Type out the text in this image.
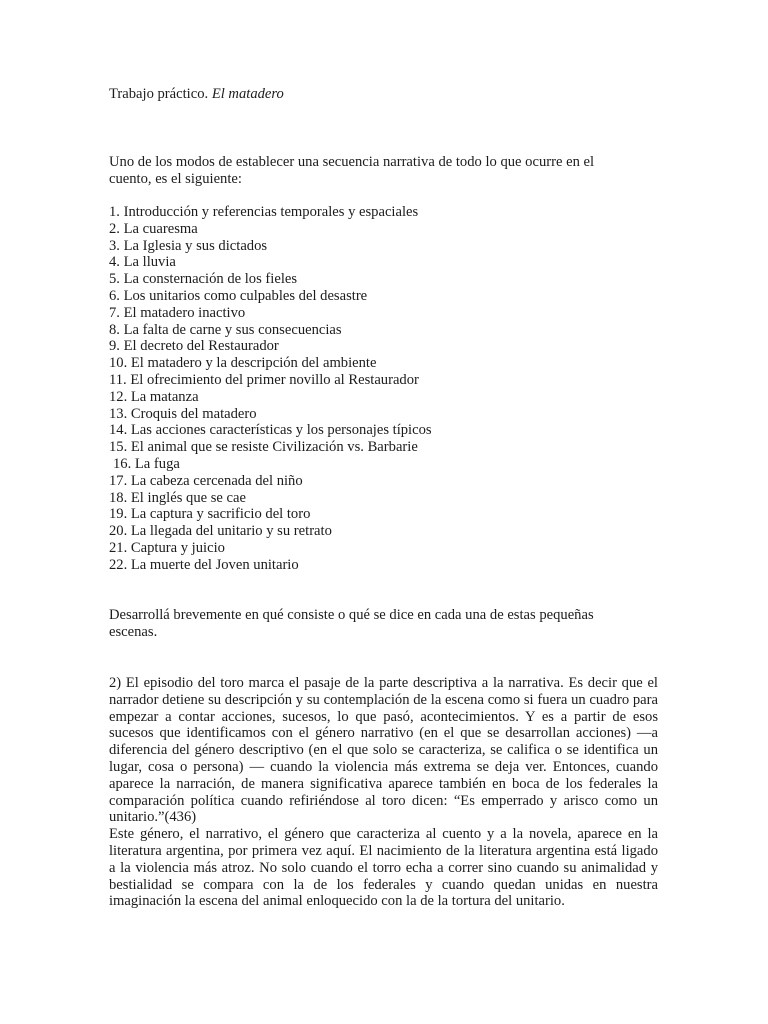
Trabajo práctico. El matadero
Uno de los modos de establecer una secuencia narrativa de todo lo que ocurre en el cuento, es el siguiente:
1. Introducción y referencias temporales y espaciales
2. La cuaresma
3. La Iglesia y sus dictados
4. La lluvia
5. La consternación de los fieles
6. Los unitarios como culpables del desastre
7. El matadero inactivo
8. La falta de carne y sus consecuencias
9. El decreto del Restaurador
10. El matadero y la descripción del ambiente
11. El ofrecimiento del primer novillo al Restaurador
12. La matanza
13. Croquis del matadero
14. Las acciones características y los personajes típicos
15. El animal que se resiste Civilización vs. Barbarie
16. La fuga
17. La cabeza cercenada del niño
18. El inglés que se cae
19. La captura y sacrificio del toro
20. La llegada del unitario y su retrato
21. Captura y juicio
22. La muerte del Joven unitario
Desarrollá brevemente en qué consiste o qué se dice en cada una de estas pequeñas escenas.

2) El episodio del toro marca el pasaje de la parte descriptiva a la narrativa. Es decir que el narrador detiene su descripción y su contemplación de la escena como si fuera un cuadro para empezar a contar acciones, sucesos, lo que pasó, acontecimientos. Y es a partir de esos sucesos que identificamos con el género narrativo (en el que se desarrollan acciones) —a diferencia del género descriptivo (en el que solo se caracteriza, se califica o se identifica un lugar, cosa o persona) — cuando la violencia más extrema se deja ver. Entonces, cuando aparece la narración, de manera significativa aparece también en boca de los federales la comparación política cuando refiriéndose al toro dicen: “Es emperrado y arisco como un unitario.”(436)

Este género, el narrativo, el género que caracteriza al cuento y a la novela, aparece en la literatura argentina, por primera vez aquí. El nacimiento de la literatura argentina está ligado a la violencia más atroz. No solo cuando el torro echa a correr sino cuando su animalidad y bestialidad se compara con la de los federales y cuando quedan unidas en nuestra imaginación la escena del animal enloquecido con la de la tortura del unitario.
